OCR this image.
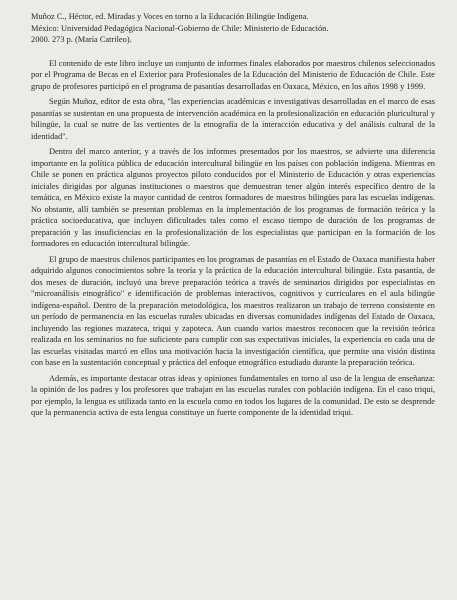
Muñoz C., Héctor, ed. Miradas y Voces en torno a la Educación Bilingüe Indígena.
México: Universidad Pedagógica Nacional-Gobierno de Chile: Ministerio de Educación.
2000. 273 p. (María Catrileo).

El contenido de este libro incluye un conjunto de informes finales elaborados por maestros chilenos seleccionados por el Programa de Becas en el Exterior para Profesionales de la Educación del Ministerio de Educación de Chile. Este grupo de profesores participó en el programa de pasantías desarrolladas en Oaxaca, México, en los años 1998 y 1999.

Según Muñoz, editor de esta obra, "las experiencias académicas e investigativas desarrolladas en el marco de esas pasantías se sustentan en una propuesta de intervención académica en la profesionalización en educación pluricultural y bilingüe, la cual se nutre de las vertientes de la etnografía de la interacción educativa y del análisis cultural de la identidad".

Dentro del marco anterior, y a través de los informes presentados por los maestros, se advierte una diferencia importante en la política pública de educación intercultural bilingüe en los países con población indígena. Mientras en Chile se ponen en práctica algunos proyectos piloto conducidos por el Ministerio de Educación y otras experiencias iniciales dirigidas por algunas instituciones o maestros que demuestran tener algún interés específico dentro de la temática, en México existe la mayor cantidad de centros formadores de maestros bilingües para las escuelas indígenas. No obstante, allí también se presentan problemas en la implementación de los programas de formación teórica y la práctica socioeducativa, que incluyen dificultades tales como el escaso tiempo de duración de los programas de preparación y las insuficiencias en la profesionalización de los especialistas que participan en la formación de los formadores en educación intercultural bilingüe.

El grupo de maestros chilenos participantes en los programas de pasantías en el Estado de Oaxaca manifiesta haber adquirido algunos conocimientos sobre la teoría y la práctica de la educación intercultural bilingüe. Esta pasantía, de dos meses de duración, incluyó una breve preparación teórica a través de seminarios dirigidos por especialistas en "microanálisis etnográfico" e identificación de problemas interactivos, cognitivos y curriculares en el aula bilingüe indígena-español. Dentro de la preparación metodológica, los maestros realizaron un trabajo de terreno consistente en un período de permanencia en las escuelas rurales ubicadas en diversas comunidades indígenas del Estado de Oaxaca, incluyendo las regiones mazateca, triqui y zapoteca. Aun cuando varios maestros reconocen que la revisión teórica realizada en los seminarios no fue suficiente para cumplir con sus expectativas iniciales, la experiencia en cada una de las escuelas visitadas marcó en ellos una motivación hacia la investigación científica, que permite una visión distinta con base en la sustentación conceptual y práctica del enfoque etnográfico estudiado durante la preparación teórica.

Además, es importante destacar otras ideas y opiniones fundamentales en torno al uso de la lengua de enseñanza: la opinión de los padres y los profesores que trabajan en las escuelas rurales con población indígena. En el caso triqui, por ejemplo, la lengua es utilizada tanto en la escuela como en todos los lugares de la comunidad. De esto se desprende que la permanencia activa de esta lengua constituye un fuerte componente de la identidad triqui.
